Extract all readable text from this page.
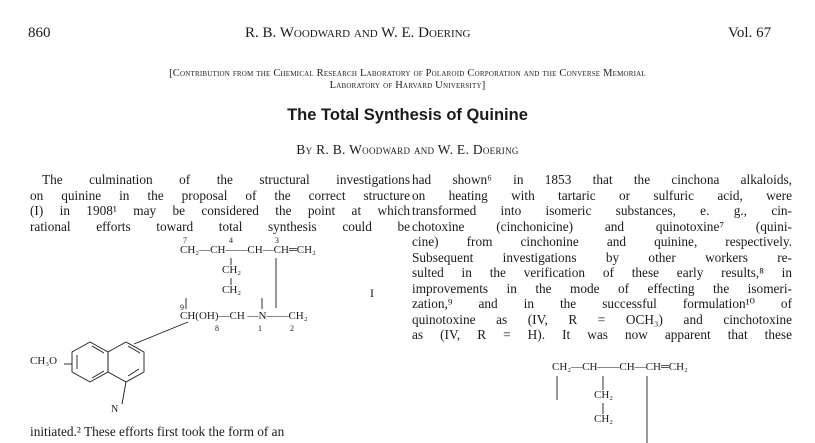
860	R. B. Woodward and W. E. Doering	Vol. 67
[Contribution from the Chemical Research Laboratory of Polaroid Corporation and the Converse Memorial
Laboratory of Harvard University]
The Total Synthesis of Quinine
By R. B. Woodward and W. E. Doering
The culmination of the structural investigations
on quinine in the proposal of the correct structure
(I) in 1908¹ may be considered the point at which
rational efforts toward total synthesis could be
initiated.² These efforts first took the form of an
7	4	3
CH₂—CH——CH—CH═CH₂
CH₂
CH₂	I
9
CH(OH)—CH —N——CH₂
8	1	2
CH₃O
N
had shown⁶ in 1853 that the cinchona alkaloids,
on heating with tartaric or sulfuric acid, were
transformed into isomeric substances, e. g., cin-
chotoxine (cinchonicine) and quinotoxine⁷ (quini-
cine) from cinchonine and quinine, respectively.
Subsequent investigations by other workers re-
sulted in the verification of these early results,⁸ in
improvements in the mode of effecting the isomeri-
zation,⁹ and in the successful formulation¹⁰ of
quinotoxine as (IV, R = OCH₃) and cinchotoxine
as (IV, R = H). It was now apparent that these
CH₂—CH——CH—CH═CH₂
CH₂
CH₂
